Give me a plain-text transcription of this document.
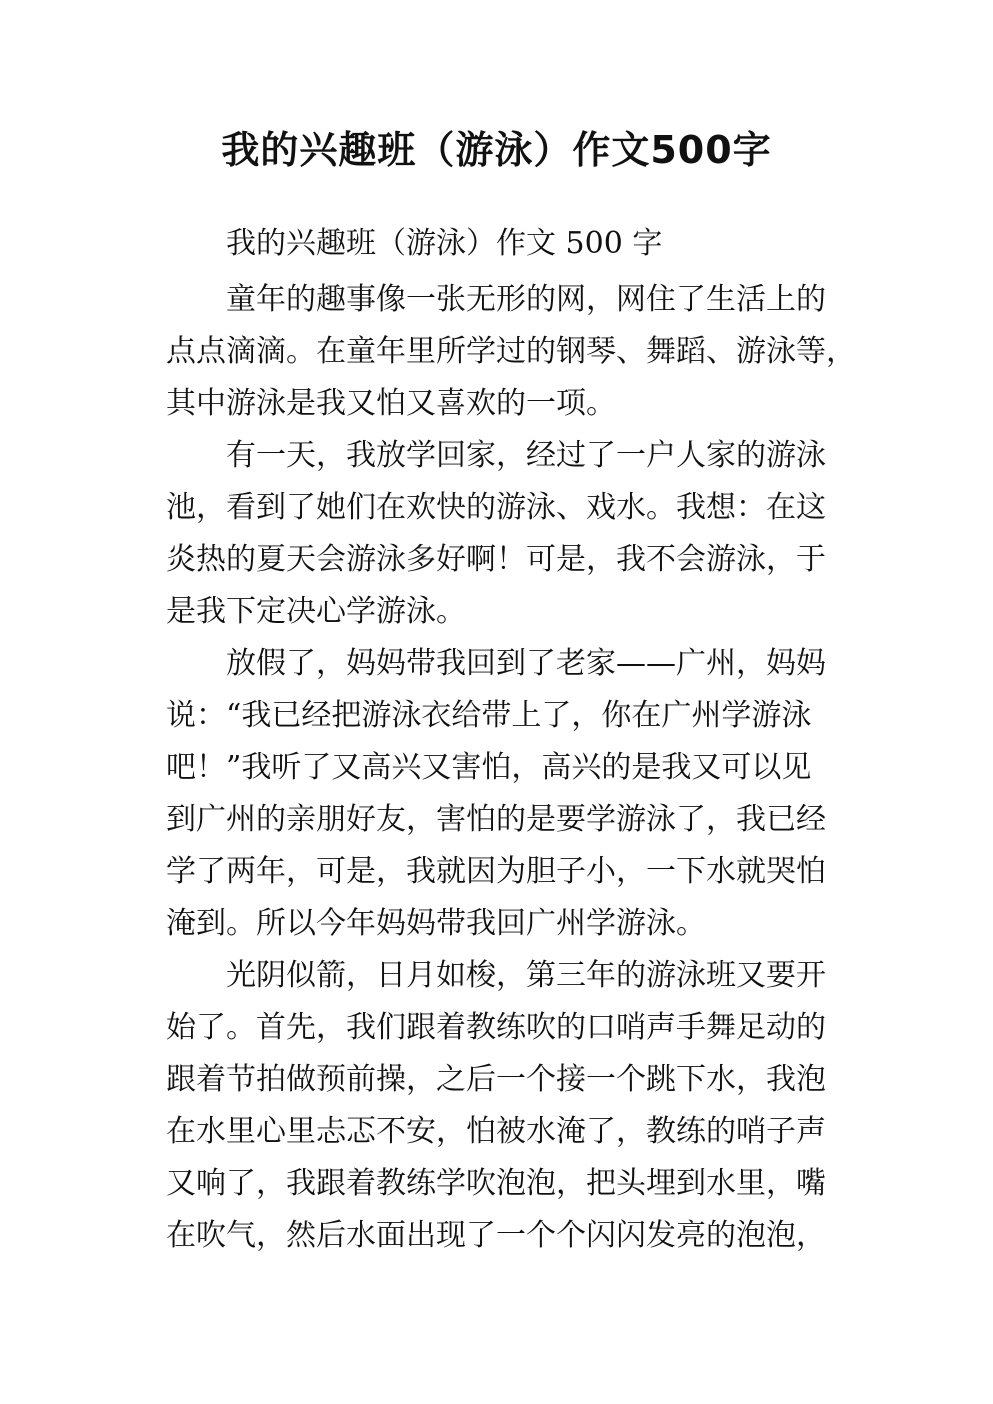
我的兴趣班（游泳）作文500字
我的兴趣班（游泳）作文 500 字
童年的趣事像一张无形的网，网住了生活上的
点点滴滴。在童年里所学过的钢琴、舞蹈、游泳等，
其中游泳是我又怕又喜欢的一项。
有一天，我放学回家，经过了一户人家的游泳
池，看到了她们在欢快的游泳、戏水。我想：在这
炎热的夏天会游泳多好啊！可是，我不会游泳，于
是我下定决心学游泳。
放假了，妈妈带我回到了老家——广州，妈妈
说：“我已经把游泳衣给带上了，你在广州学游泳
吧！”我听了又高兴又害怕，高兴的是我又可以见
到广州的亲朋好友，害怕的是要学游泳了，我已经
学了两年，可是，我就因为胆子小，一下水就哭怕
淹到。所以今年妈妈带我回广州学游泳。
光阴似箭，日月如梭，第三年的游泳班又要开
始了。首先，我们跟着教练吹的口哨声手舞足动的
跟着节拍做预前操，之后一个接一个跳下水，我泡
在水里心里忐忑不安，怕被水淹了，教练的哨子声
又响了，我跟着教练学吹泡泡，把头埋到水里，嘴
在吹气，然后水面出现了一个个闪闪发亮的泡泡，
